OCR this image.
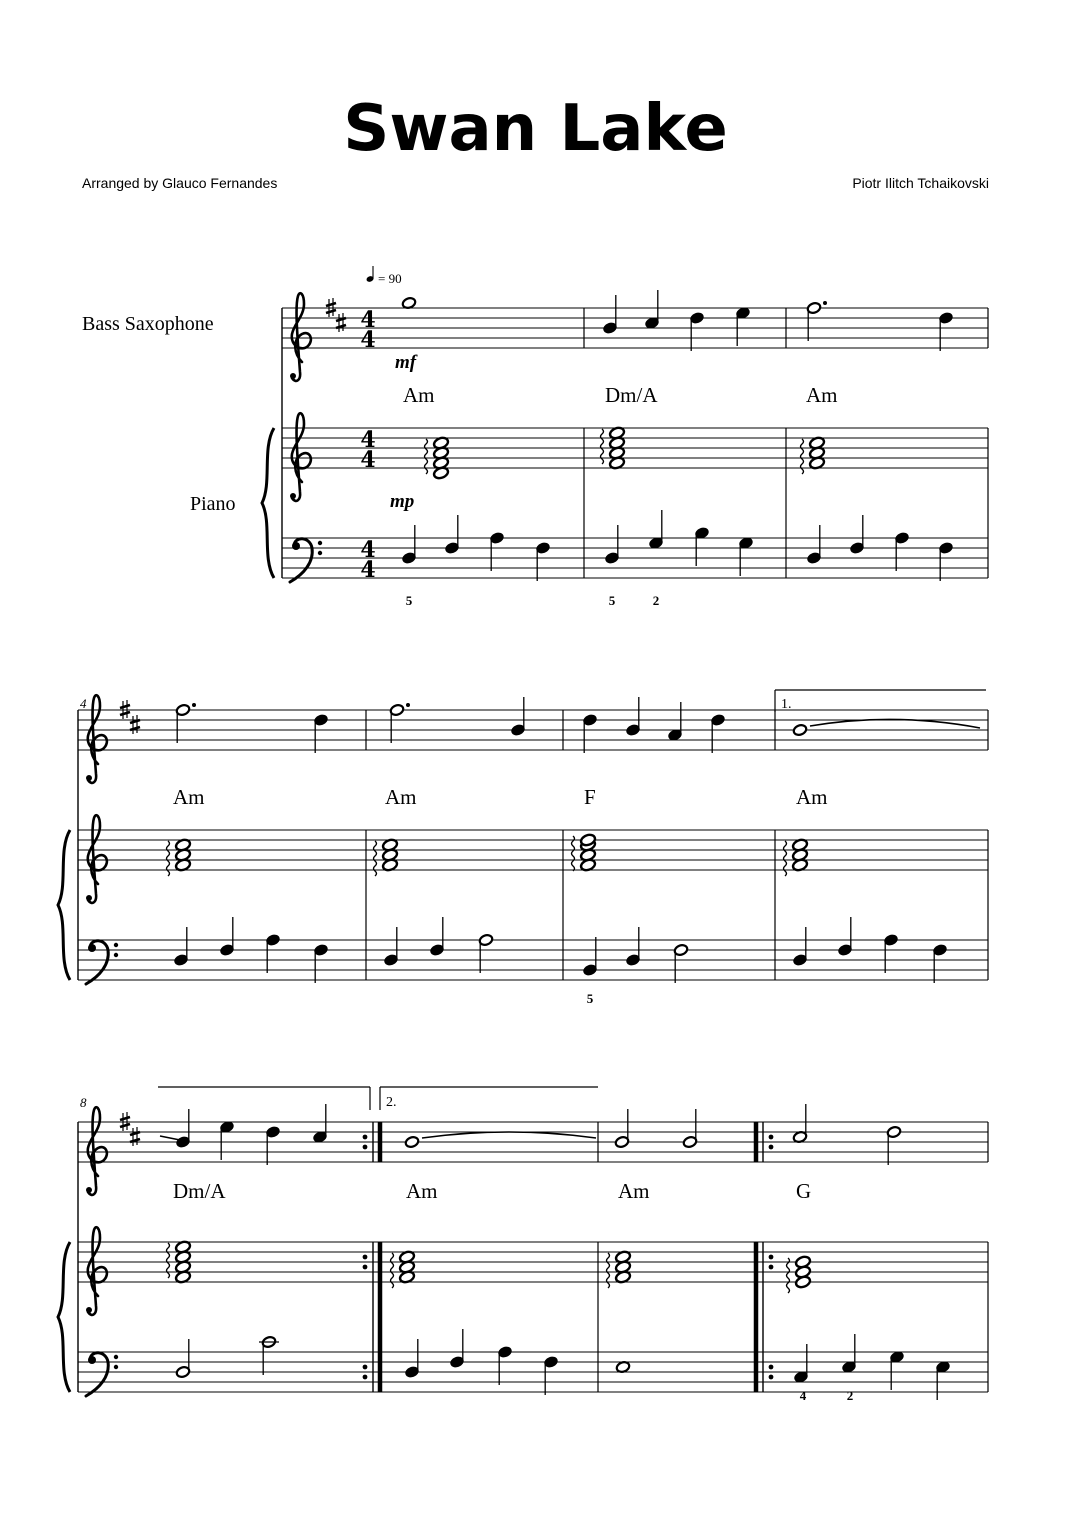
Swan Lake
Arranged by Glauco Fernandes	Piotr Ilitch Tchaikovski
= 90
Bass Saxophone
Piano
4
4
4
4
4
4
mf
mp
Am	Dm/A	Am
5	5	2
4	1.
Am	Am	F	Am
5
8	2.
Dm/A	Am	Am	G
4	2
